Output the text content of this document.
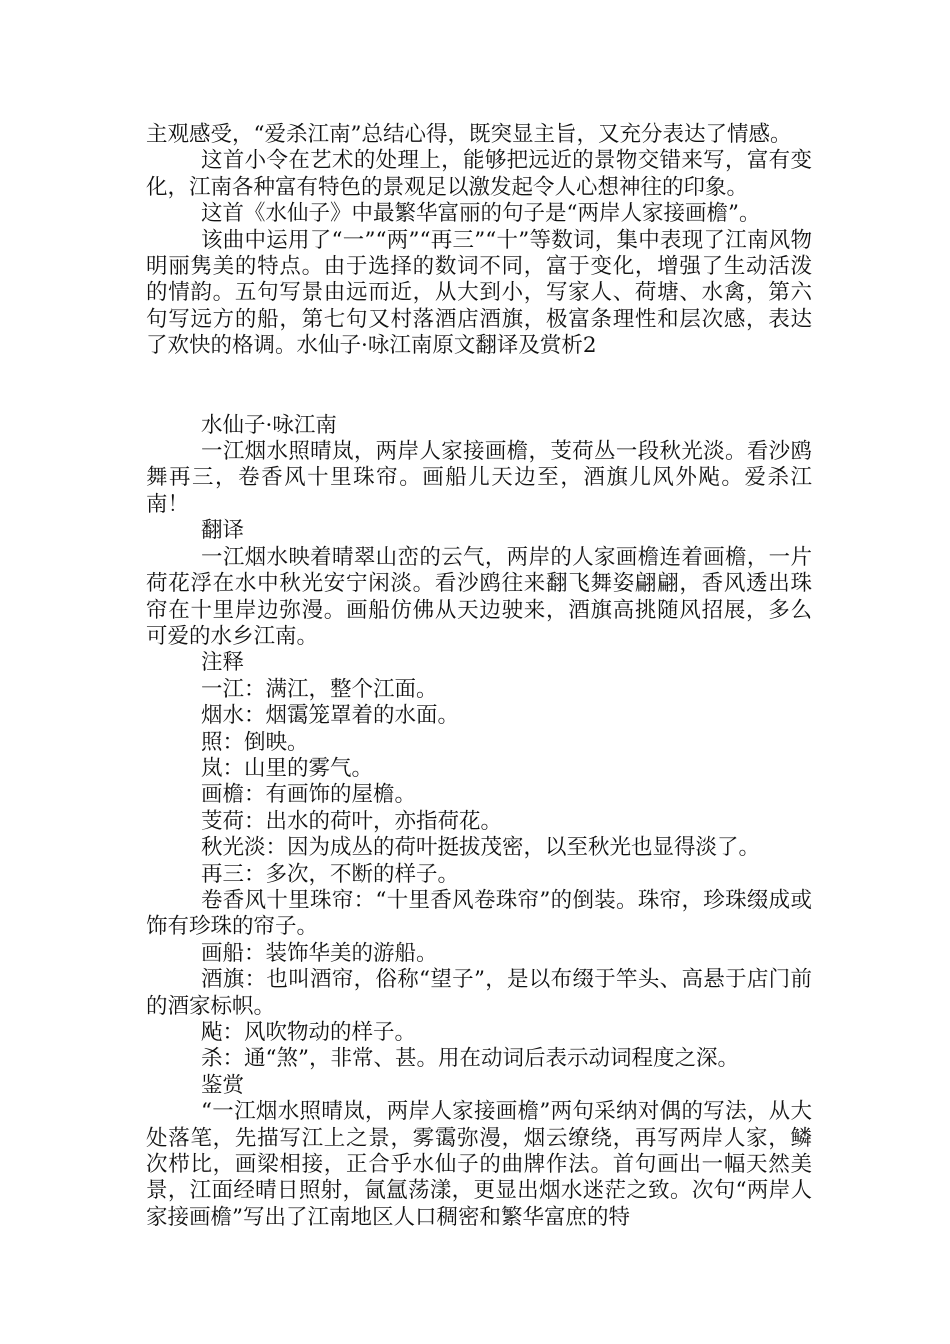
主观感受，“爱杀江南”总结心得，既突显主旨，又充分表达了情感。

这首小令在艺术的处理上，能够把远近的景物交错来写，富有变化，江南各种富有特色的景观足以激发起令人心想神往的印象。

这首《水仙子》中最繁华富丽的句子是“两岸人家接画檐”。

该曲中运用了“一”“两”“再三”“十”等数词，集中表现了江南风物明丽隽美的特点。由于选择的数词不同，富于变化，增强了生动活泼的情韵。五句写景由远而近，从大到小，写家人、荷塘、水禽，第六句写远方的船，第七句又村落酒店酒旗，极富条理性和层次感，表达了欢快的格调。水仙子·咏江南原文翻译及赏析2

水仙子·咏江南

一江烟水照晴岚，两岸人家接画檐，芰荷丛一段秋光淡。看沙鸥舞再三，卷香风十里珠帘。画船儿天边至，酒旗儿风外飐。爱杀江南！

翻译

一江烟水映着晴翠山峦的云气，两岸的人家画檐连着画檐，一片荷花浮在水中秋光安宁闲淡。看沙鸥往来翻飞舞姿翩翩，香风透出珠帘在十里岸边弥漫。画船仿佛从天边驶来，酒旗高挑随风招展，多么可爱的水乡江南。

注释

一江：满江，整个江面。

烟水：烟霭笼罩着的水面。

照：倒映。

岚：山里的雾气。

画檐：有画饰的屋檐。

芰荷：出水的荷叶，亦指荷花。

秋光淡：因为成丛的荷叶挺拔茂密，以至秋光也显得淡了。

再三：多次，不断的样子。

卷香风十里珠帘：“十里香风卷珠帘”的倒装。珠帘，珍珠缀成或饰有珍珠的帘子。

画船：装饰华美的游船。

酒旗：也叫酒帘，俗称“望子”，是以布缀于竿头、高悬于店门前的酒家标帜。

飐：风吹物动的样子。

杀：通“煞”，非常、甚。用在动词后表示动词程度之深。

鉴赏

“一江烟水照晴岚，两岸人家接画檐”两句采纳对偶的写法，从大处落笔，先描写江上之景，雾霭弥漫，烟云缭绕，再写两岸人家，鳞次栉比，画梁相接，正合乎水仙子的曲牌作法。首句画出一幅天然美景，江面经晴日照射，氤氲荡漾，更显出烟水迷茫之致。次句“两岸人家接画檐”写出了江南地区人口稠密和繁华富庶的特
